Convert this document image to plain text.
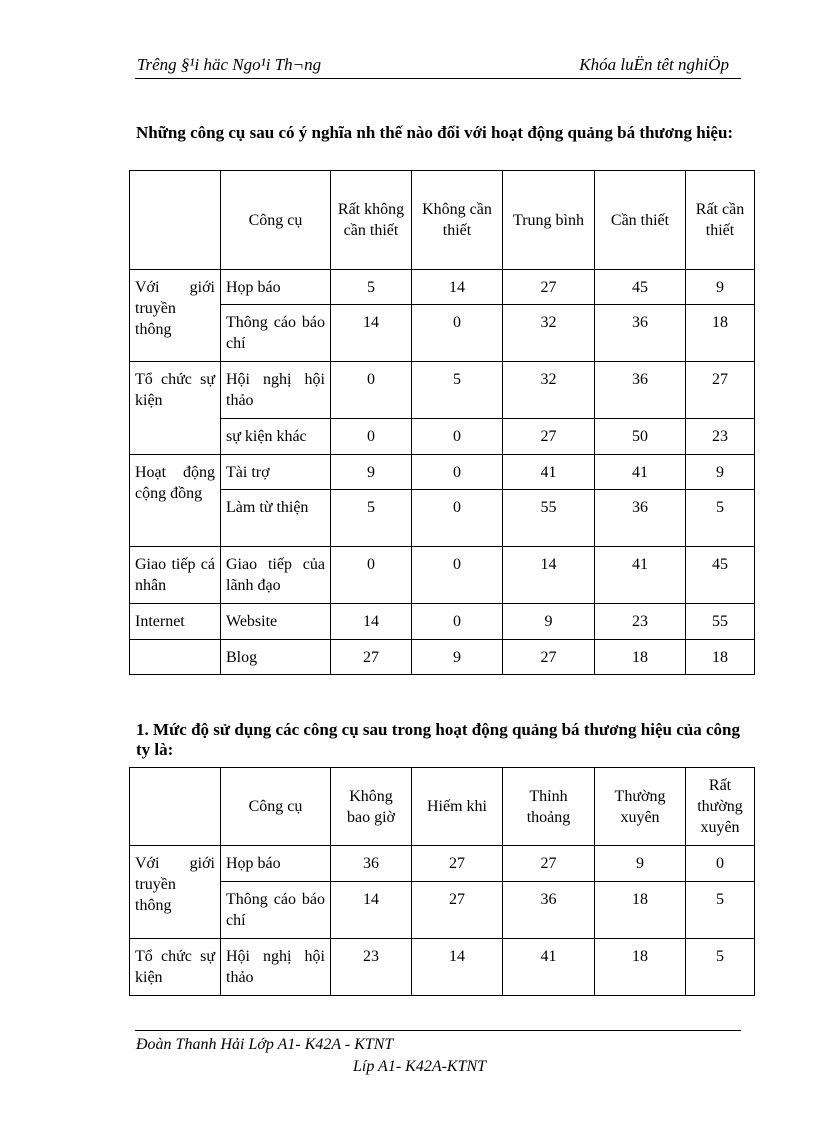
Trêng §¹i häc Ngo¹i Th¬ng	Khóa luËn têt nghiÖp
Những công cụ sau có ý nghĩa nh thế nào đối với hoạt động quảng bá thương hiệu:
	Công cụ	Rất không cần thiết	Không cần thiết	Trung bình	Cần thiết	Rất cần thiết
Với giới truyền thông	Họp báo	5	14	27	45	9
	Thông cáo báo chí	14	0	32	36	18
Tổ chức sự kiện	Hội nghị hội thảo	0	5	32	36	27
	sự kiện khác	0	0	27	50	23
Hoạt động cộng đồng	Tài trợ	9	0	41	41	9
	Làm từ thiện	5	0	55	36	5
Giao tiếp cá nhân	Giao tiếp của lãnh đạo	0	0	14	41	45
Internet	Website	14	0	9	23	55
	Blog	27	9	27	18	18
1. Mức độ sử dụng các công cụ sau trong hoạt động quảng bá thương hiệu của công ty là:
	Công cụ	Không bao giờ	Hiếm khi	Thỉnh thoảng	Thường xuyên	Rất thường xuyên
Với giới truyền thông	Họp báo	36	27	27	9	0
	Thông cáo báo chí	14	27	36	18	5
Tổ chức sự kiện	Hội nghị hội thảo	23	14	41	18	5
Đoàn Thanh Hải Lớp A1- K42A - KTNT
Líp A1- K42A-KTNT
